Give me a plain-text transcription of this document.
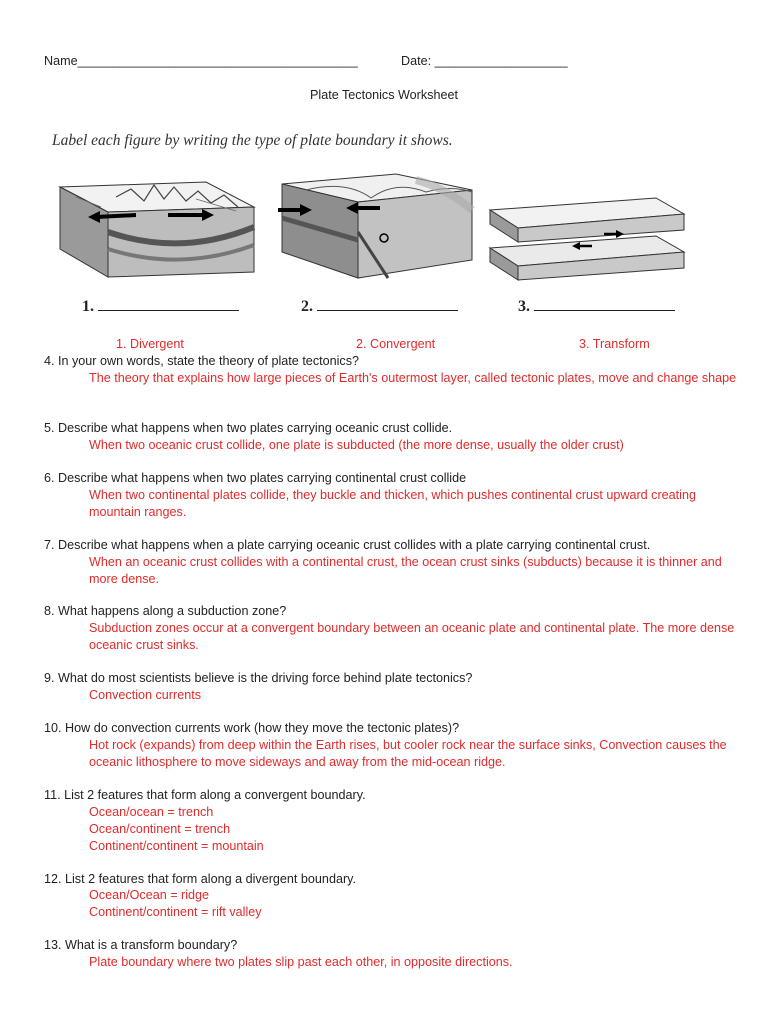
Name________________________________________	Date: ___________________
Plate Tectonics Worksheet
Label each figure by writing the type of plate boundary it shows.
1.	2.	3.
1. Divergent	2. Convergent	3. Transform
4. In your own words, state the theory of plate tectonics?
The theory that explains how large pieces of Earth's outermost layer, called tectonic plates, move and change shape
5. Describe what happens when two plates carrying oceanic crust collide.
When two oceanic crust collide, one plate is subducted (the more dense, usually the older crust)
6. Describe what happens when two plates carrying continental crust collide
When two continental plates collide, they buckle and thicken, which pushes continental crust upward creating mountain ranges.
7. Describe what happens when a plate carrying oceanic crust collides with a plate carrying continental crust.
When an oceanic crust collides with a continental crust, the ocean crust sinks (subducts) because it is thinner and more dense.
8. What happens along a subduction zone?
Subduction zones occur at a convergent boundary between an oceanic plate and continental plate. The more dense oceanic crust sinks.
9. What do most scientists believe is the driving force behind plate tectonics?
Convection currents
10. How do convection currents work (how they move the tectonic plates)?
Hot rock (expands) from deep within the Earth rises, but cooler rock near the surface sinks, Convection causes the oceanic lithosphere to move sideways and away from the mid-ocean ridge.
11. List 2 features that form along a convergent boundary.
Ocean/ocean = trench
Ocean/continent = trench
Continent/continent = mountain
12. List 2 features that form along a divergent boundary.
Ocean/Ocean = ridge
Continent/continent = rift valley
13. What is a transform boundary?
Plate boundary where two plates slip past each other, in opposite directions.
